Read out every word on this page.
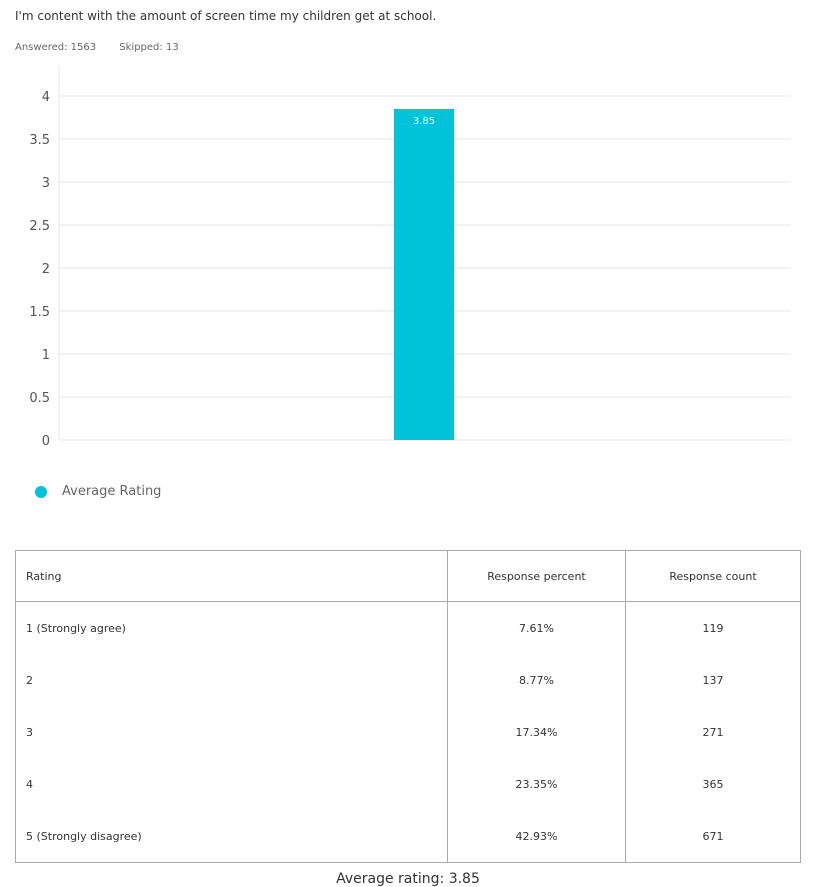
I'm content with the amount of screen time my children get at school.
Answered: 1563 Skipped: 13
0
0.5
1
1.5
2
2.5
3
3.5
4
3.85
Average Rating
Rating	Response percent	Response count
1 (Strongly agree)	7.61%	119
2	8.77%	137
3	17.34%	271
4	23.35%	365
5 (Strongly disagree)	42.93%	671
Average rating: 3.85
